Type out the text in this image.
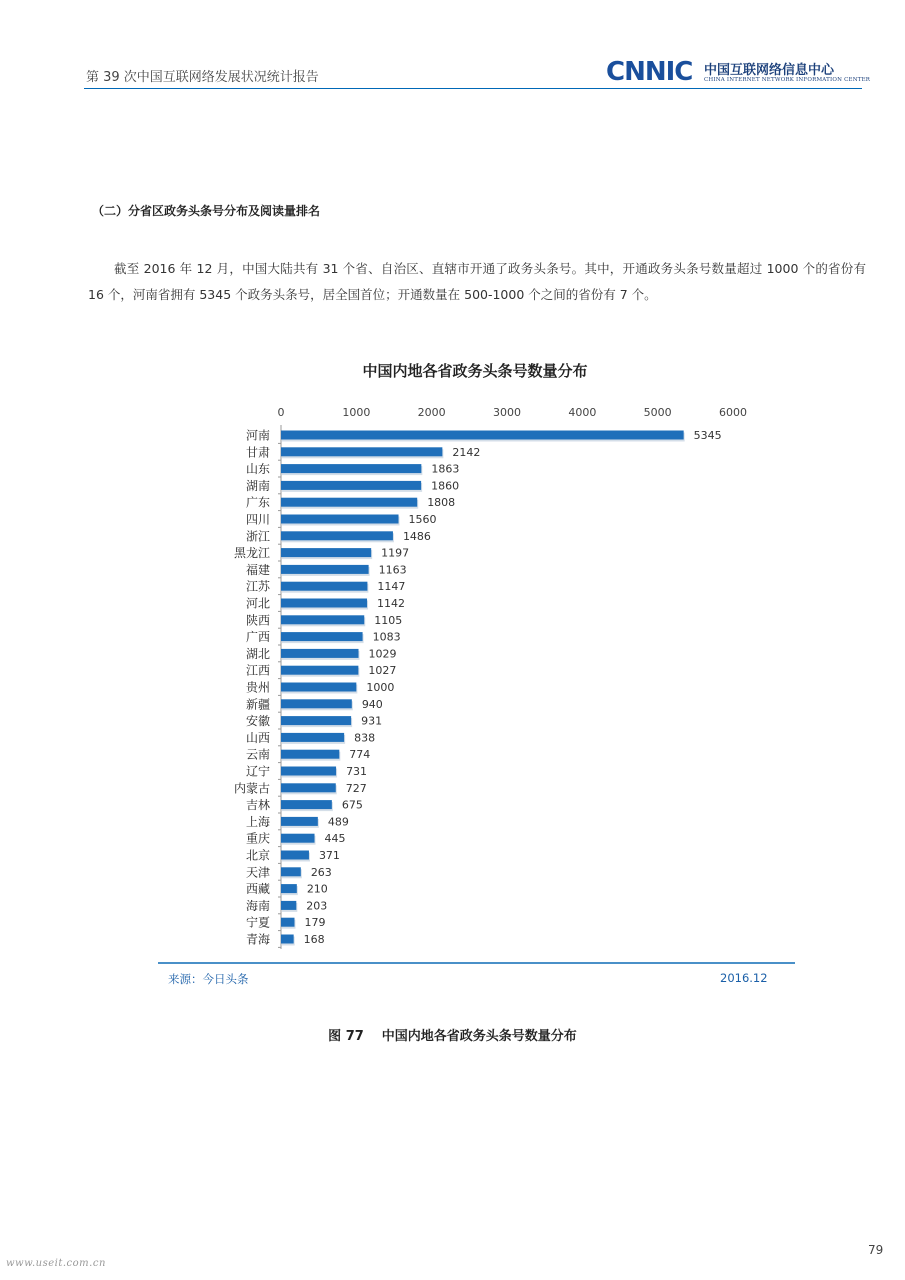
第 39 次中国互联网络发展状况统计报告	CNNIC 中国互联网络信息中心
CHINA INTERNET NETWORK INFORMATION CENTER
（二）分省区政务头条号分布及阅读量排名
截至 2016 年 12 月，中国大陆共有 31 个省、自治区、直辖市开通了政务头条号。其中，开通政务头条号数量超过 1000 个的省份有 16 个，河南省拥有 5345 个政务头条号，居全国首位；开通数量在 500-1000 个之间的省份有 7 个。
中国内地各省政务头条号数量分布
0	1000	2000	3000	4000	5000	6000
河南	5345
甘肃	2142
山东	1863
湖南	1860
广东	1808
四川	1560
浙江	1486
黑龙江	1197
福建	1163
江苏	1147
河北	1142
陕西	1105
广西	1083
湖北	1029
江西	1027
贵州	1000
新疆	940
安徽	931
山西	838
云南	774
辽宁	731
内蒙古	727
吉林	675
上海	489
重庆	445
北京	371
天津	263
西藏	210
海南	203
宁夏	179
青海	168
来源：今日头条	2016.12
图 77 中国内地各省政务头条号数量分布
79
www.useit.com.cn
